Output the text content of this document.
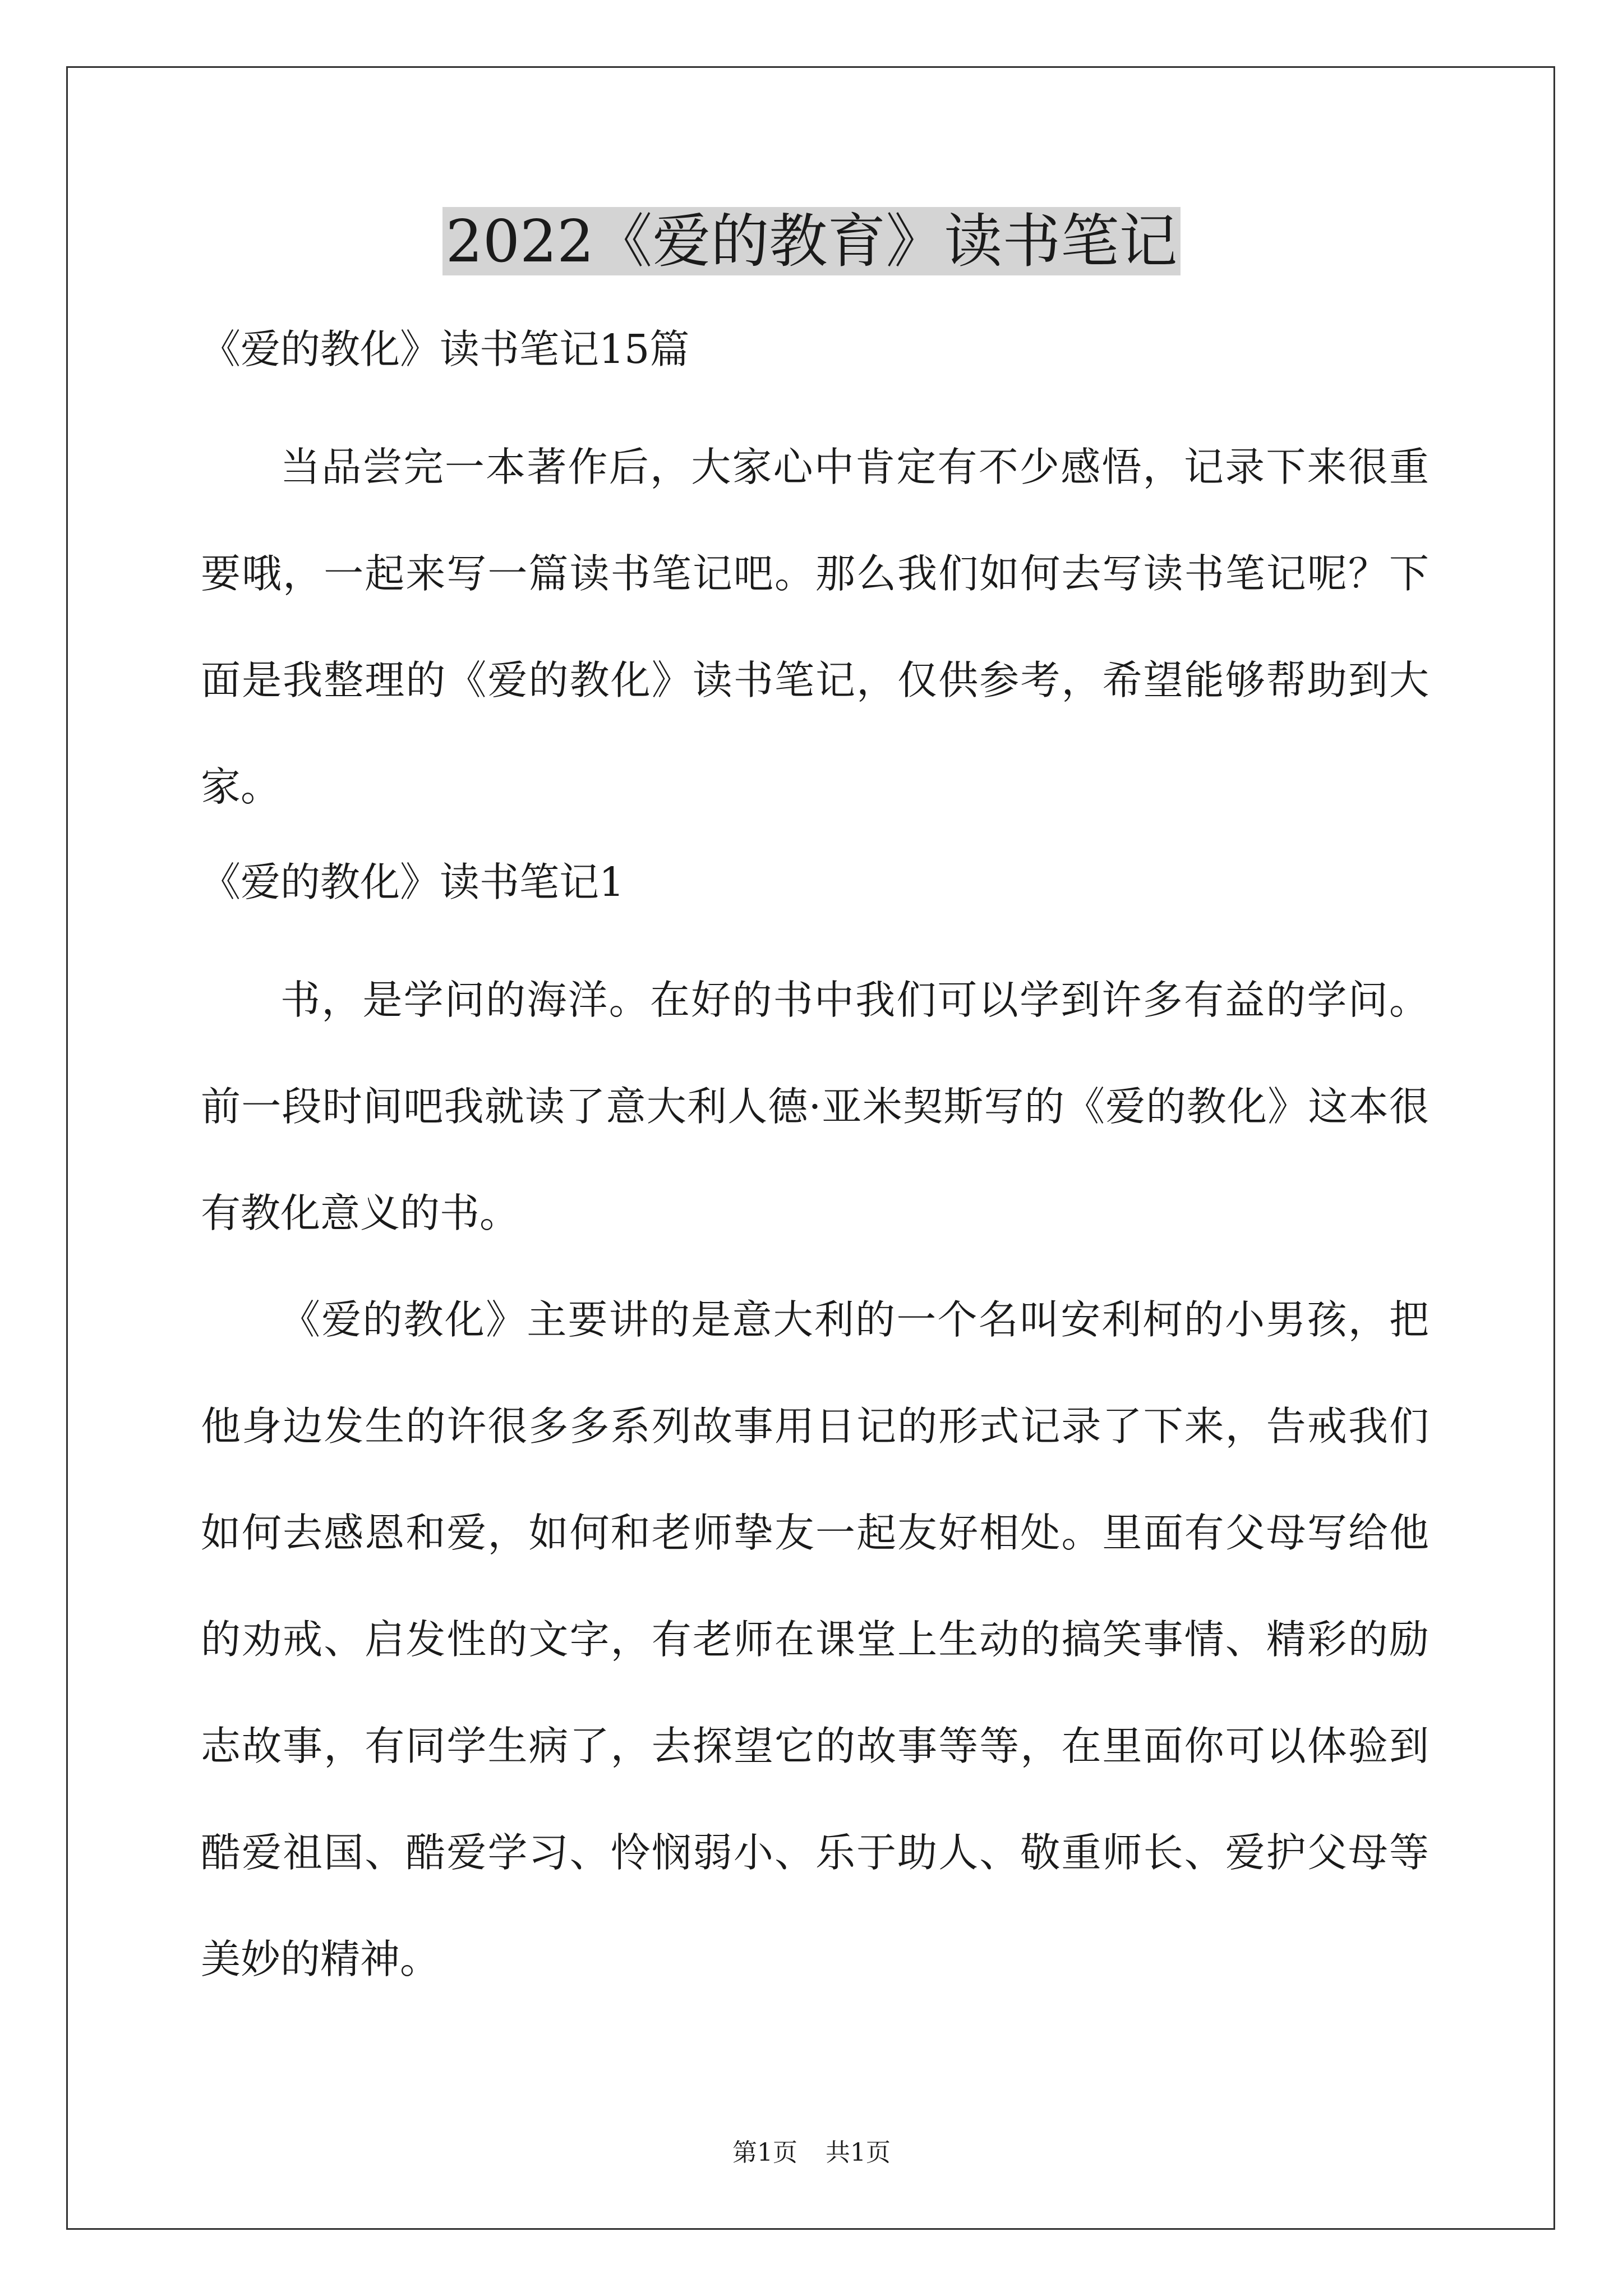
2022《爱的教育》读书笔记

《爱的教化》读书笔记15篇

当品尝完一本著作后，大家心中肯定有不少感悟，记录下来很重要哦，一起来写一篇读书笔记吧。那么我们如何去写读书笔记呢？下面是我整理的《爱的教化》读书笔记，仅供参考，希望能够帮助到大家。

《爱的教化》读书笔记1

书，是学问的海洋。在好的书中我们可以学到许多有益的学问。前一段时间吧我就读了意大利人德·亚米契斯写的《爱的教化》这本很有教化意义的书。

《爱的教化》主要讲的是意大利的一个名叫安利柯的小男孩，把他身边发生的许很多多系列故事用日记的形式记录了下来，告戒我们如何去感恩和爱，如何和老师挚友一起友好相处。里面有父母写给他的劝戒、启发性的文字，有老师在课堂上生动的搞笑事情、精彩的励志故事，有同学生病了，去探望它的故事等等，在里面你可以体验到酷爱祖国、酷爱学习、怜悯弱小、乐于助人、敬重师长、爱护父母等美妙的精神。

第1页 共1页
